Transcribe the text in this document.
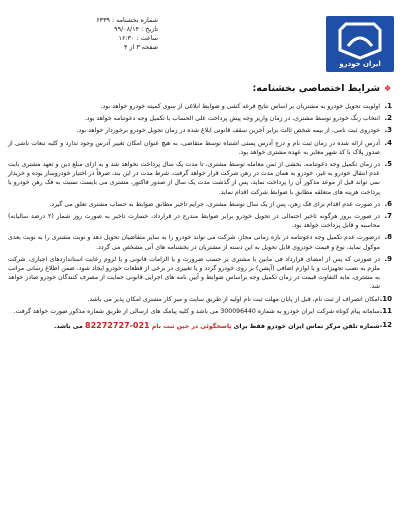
ایران خودرو
شماره بخشنامه : ۶۳۳۹
تاریخ : ۹۹/۰۸/۱۴
ساعت : ۱۶:۳۰
صفحه ۳ از ۴
❖
شرایط اختصاصی بخشنامه:
1.
اولویت تحویل خودرو به مشتریان بر اساس نتایج قرعه کشی و ضوابط ابلاغی از سوی کمیته خودرو خواهد بود.
2.
انتخاب رنگ خودرو توسط مشتری، در زمان واریز وجه پیش پرداخت علی الحساب با تکمیل وجه دعوتنامه خواهد بود.
3.
خودروی ثبت نامی، از بیمه شخص ثالث برابر آخرین سقف قانونی ابلاغ شده در زمان تحویل خودرو برخوردار خواهد بود.
4.
آدرس ارائه شده در زمان ثبت نام و درج آدرس پستی اشتباه توسط متقاضی، به هیچ عنوان امکان تغییر آدرس وجود ندارد و کلیه تبعات ناشی از صدور پلاک با کد شهر مغایر به عهده مشتری خواهد بود.
5.
در زمان تکمیل وجه دعوتنامه، بخشی از ثمن معامله توسط مشتری، تا مدت یک سال پرداخت نخواهد شد و به ازای مبلغ دین و تعهد مشتری بابت عدم انتقال خودرو به غیر، خودرو به همان مدت در رهن شرکت قرار خواهد گرفت. شرط مدت در این بند، صرفاً در اختیار خودروساز بوده و خریدار نمی تواند قبل از موعد مذکور آن را پرداخت نماید، پس از گذشت مدت یک سال از صدور فاکتور، مشتری می بایست نسبت به فک رهن خودرو با پرداخت هزینه های متعلقه مطابق با ضوابط شرکت اقدام نماید.
6.
در صورت عدم اقدام برای فک رهن، پس از یک سال توسط مشتری، جرایم تاخیر مطابق ضوابط به حساب مشتری تعلق می گیرد.
7.
در صورت بروز هرگونه تاخیر احتمالی در تحویل خودرو برابر ضوابط مندرج در قرارداد، خسارت تاخیر به صورت روز شمار (۲ درصد سالیانه) محاسبه و قابل پرداخت خواهد بود.
8.
درصورت عدم تکمیل وجه دعوتنامه در بازه زمانی مجاز، شرکت می تواند خودرو را به سایر متقاضیان تحویل دهد و نوبت مشتری را به نوبت بعدی موکول نماید، نوع و قیمت خودروی قابل تحویل به این دسته از مشتریان در بخشنامه های آتی مشخص می گردد.
9.
در صورتی که پس از امضای قرارداد فی مابین با مشتری بر حسب ضرورت و یا الزامات قانونی و یا لزوم رعایت استانداردهای اجباری، شرکت ملزم به نصب تجهیزات و یا لوازم اضافی (آپشن) بر روی خودرو گردد و یا تغییری در برخی از قطعات خودرو ایجاد شود، ضمن اطلاع رسانی مراتب به مشتری، مابه التفاوت قیمت در زمان تکمیل وجه براساس ضوابط و آیین نامه های اجرایی قانونی حمایت از مصرف کنندگان خودرو صادر خواهد شد.
10.
امکان انصراف از ثبت نام، قبل از پایان مهلت ثبت نام اولیه از طریق سایت و میز کار مشتری امکان پذیر می باشد.
11.
سامانه پیام کوتاه شرکت ایران خودرو به شماره 300096440 می باشد و کلیه پیامک های ارسالی از طریق شماره مذکور صورت خواهد گرفت.
12.
شماره تلفن مرکز تماس ایران خودرو فقط برای پاسخگوئی در حین ثبت نام 021-82272727 می باشد.
